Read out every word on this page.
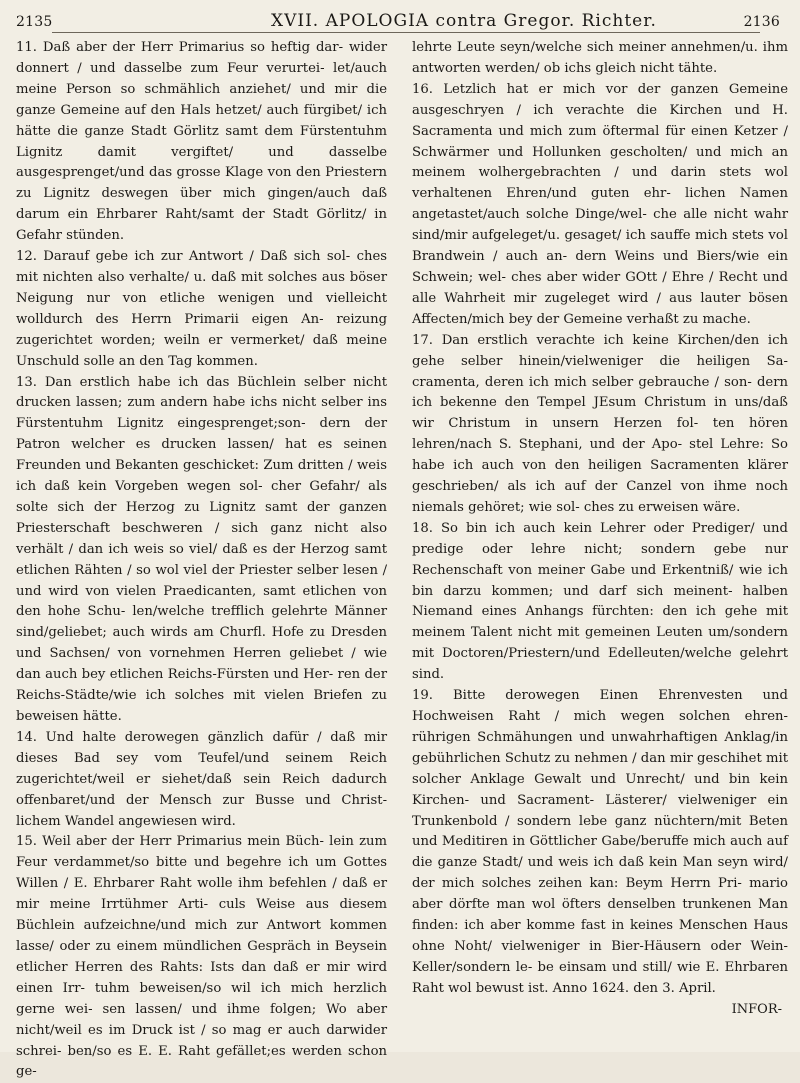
2135	XVII. APOLOGIA contra Gregor. Richter.	2136

11. Daß aber der Herr Primarius so heftig dar- wider donnert / und dasselbe zum Feur verurtei- let/auch meine Person so schmählich anziehet/ und mir die ganze Gemeine auf den Hals hetzet/ auch fürgibet/ ich hätte die ganze Stadt Görlitz samt dem Fürstentuhm Lignitz damit vergiftet/ und dasselbe ausgesprenget/und das grosse Klage von den Priestern zu Lignitz deswegen über mich gingen/auch daß darum ein Ehrbarer Raht/samt der Stadt Görlitz/ in Gefahr stünden.

12. Darauf gebe ich zur Antwort / Daß sich sol- ches mit nichten also verhalte/ u. daß mit solches aus böser Neigung nur von etliche wenigen und vielleicht wolldurch des Herrn Primarii eigen An- reizung zugerichtet worden; weiln er vermerket/ daß meine Unschuld solle an den Tag kommen.

13. Dan erstlich habe ich das Büchlein selber nicht drucken lassen; zum andern habe ichs nicht selber ins Fürstentuhm Lignitz eingesprenget;son- dern der Patron welcher es drucken lassen/ hat es seinen Freunden und Bekanten geschicket: Zum dritten / weis ich daß kein Vorgeben wegen sol- cher Gefahr/ als solte sich der Herzog zu Lignitz samt der ganzen Priesterschaft beschweren / sich ganz nicht also verhält / dan ich weis so viel/ daß es der Herzog samt etlichen Rähten / so wol viel der Priester selber lesen / und wird von vielen Praedicanten, samt etlichen von den hohe Schu- len/welche trefflich gelehrte Männer sind/geliebet; auch wirds am Churfl. Hofe zu Dresden und Sachsen/ von vornehmen Herren geliebet / wie dan auch bey etlichen Reichs-Fürsten und Her- ren der Reichs-Städte/wie ich solches mit vielen Briefen zu beweisen hätte.

14. Und halte derowegen gänzlich dafür / daß mir dieses Bad sey vom Teufel/und seinem Reich zugerichtet/weil er siehet/daß sein Reich dadurch offenbaret/und der Mensch zur Busse und Christ- lichem Wandel angewiesen wird.

15. Weil aber der Herr Primarius mein Büch- lein zum Feur verdammet/so bitte und begehre ich um Gottes Willen / E. Ehrbarer Raht wolle ihm befehlen / daß er mir meine Irrtühmer Arti- culs Weise aus diesem Büchlein aufzeichne/und mich zur Antwort kommen lasse/ oder zu einem mündlichen Gespräch in Beysein etlicher Herren des Rahts: Ists dan daß er mir wird einen Irr- tuhm beweisen/so wil ich mich herzlich gerne wei- sen lassen/ und ihme folgen; Wo aber nicht/weil es im Druck ist / so mag er auch darwider schrei- ben/so es E. E. Raht gefället;es werden schon ge-

lehrte Leute seyn/welche sich meiner annehmen/u. ihm antworten werden/ ob ichs gleich nicht tähte.

16. Letzlich hat er mich vor der ganzen Gemeine ausgeschryen / ich verachte die Kirchen und H. Sacramenta und mich zum öftermal für einen Ketzer / Schwärmer und Hollunken gescholten/ und mich an meinem wolhergebrachten / und darin stets wol verhaltenen Ehren/und guten ehr- lichen Namen angetastet/auch solche Dinge/wel- che alle nicht wahr sind/mir aufgeleget/u. gesaget/ ich sauffe mich stets vol Brandwein / auch an- dern Weins und Biers/wie ein Schwein; wel- ches aber wider GOtt / Ehre / Recht und alle Wahrheit mir zugeleget wird / aus lauter bösen Affecten/mich bey der Gemeine verhaßt zu mache.

17. Dan erstlich verachte ich keine Kirchen/den ich gehe selber hinein/vielweniger die heiligen Sa- cramenta, deren ich mich selber gebrauche / son- dern ich bekenne den Tempel JEsum Christum in uns/daß wir Christum in unsern Herzen fol- ten hören lehren/nach S. Stephani, und der Apo- stel Lehre: So habe ich auch von den heiligen Sacramenten klärer geschrieben/ als ich auf der Canzel von ihme noch niemals gehöret; wie sol- ches zu erweisen wäre.

18. So bin ich auch kein Lehrer oder Prediger/ und predige oder lehre nicht; sondern gebe nur Rechenschaft von meiner Gabe und Erkentniß/ wie ich bin darzu kommen; und darf sich meinent- halben Niemand eines Anhangs fürchten: den ich gehe mit meinem Talent nicht mit gemeinen Leuten um/sondern mit Doctoren/Priestern/und Edelleuten/welche gelehrt sind.

19. Bitte derowegen Einen Ehrenvesten und Hochweisen Raht / mich wegen solchen ehren- rührigen Schmähungen und unwahrhaftigen Anklag/in gebührlichen Schutz zu nehmen / dan mir geschihet mit solcher Anklage Gewalt und Unrecht/ und bin kein Kirchen- und Sacrament- Lästerer/ vielweniger ein Trunkenbold / sondern lebe ganz nüchtern/mit Beten und Meditiren in Göttlicher Gabe/beruffe mich auch auf die ganze Stadt/ und weis ich daß kein Man seyn wird/ der mich solches zeihen kan: Beym Herrn Pri- mario aber dörfte man wol öfters denselben trunkenen Man finden: ich aber komme fast in keines Menschen Haus ohne Noht/ vielweniger in Bier-Häusern oder Wein-Keller/sondern le- be einsam und still/ wie E. Ehrbaren Raht wol bewust ist. Anno 1624. den 3. April.

INFOR-
